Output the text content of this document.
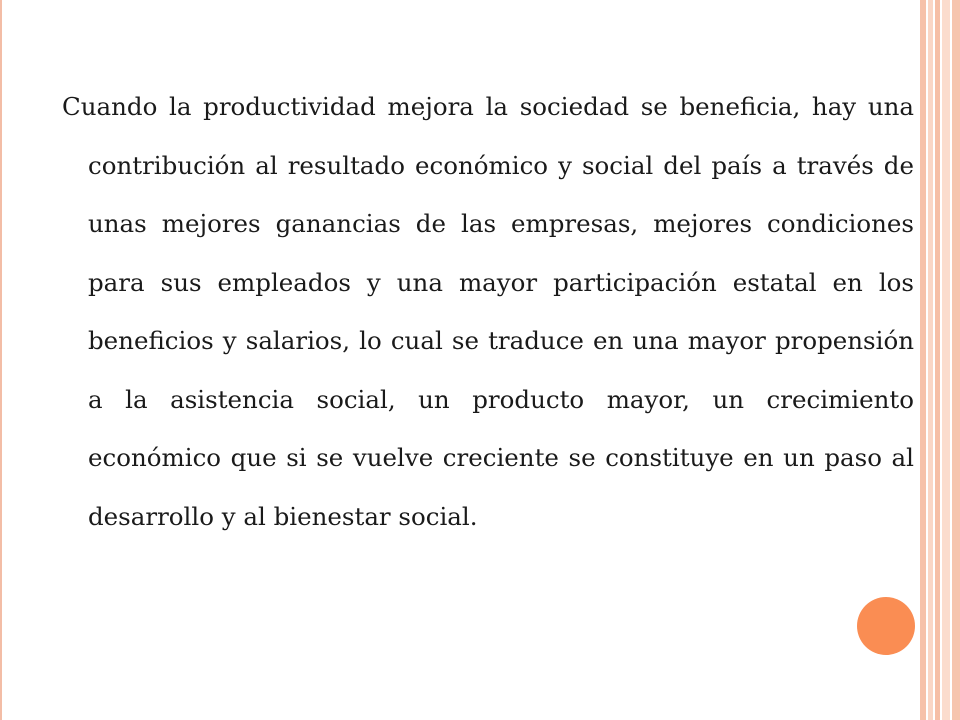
Cuando la productividad mejora la sociedad se beneficia, hay una contribución al resultado económico y social del país a través de unas mejores ganancias de las empresas, mejores condiciones para sus empleados y una mayor participación estatal en los beneficios y salarios, lo cual se traduce en una mayor propensión a la asistencia social, un producto mayor, un crecimiento económico que si se vuelve creciente se constituye en un paso al desarrollo y al bienestar social.
